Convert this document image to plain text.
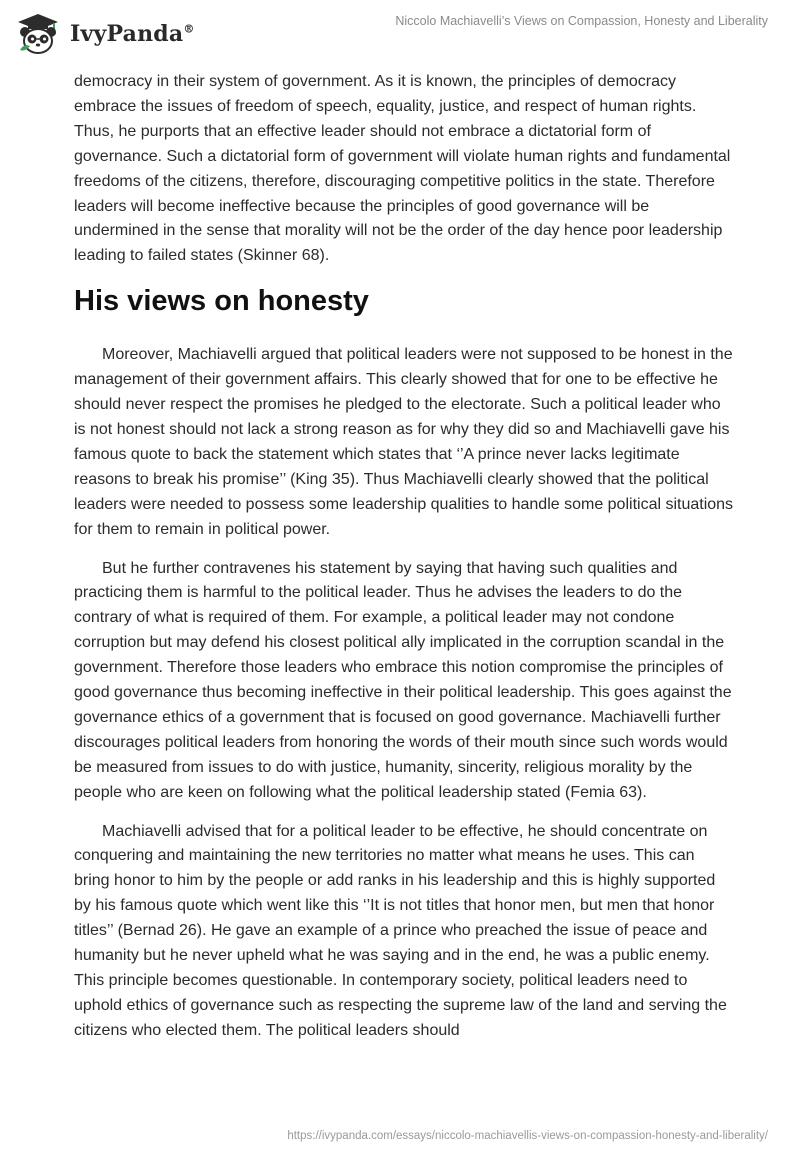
IvyPanda®
Niccolo Machiavelli’s Views on Compassion, Honesty and Liberality

democracy in their system of government. As it is known, the principles of democracy embrace the issues of freedom of speech, equality, justice, and respect of human rights. Thus, he purports that an effective leader should not embrace a dictatorial form of governance. Such a dictatorial form of government will violate human rights and fundamental freedoms of the citizens, therefore, discouraging competitive politics in the state. Therefore leaders will become ineffective because the principles of good governance will be undermined in the sense that morality will not be the order of the day hence poor leadership leading to failed states (Skinner 68).

His views on honesty

Moreover, Machiavelli argued that political leaders were not supposed to be honest in the management of their government affairs. This clearly showed that for one to be effective he should never respect the promises he pledged to the electorate. Such a political leader who is not honest should not lack a strong reason as for why they did so and Machiavelli gave his famous quote to back the statement which states that ‘’A prince never lacks legitimate reasons to break his promise’’ (King 35). Thus Machiavelli clearly showed that the political leaders were needed to possess some leadership qualities to handle some political situations for them to remain in political power.

But he further contravenes his statement by saying that having such qualities and practicing them is harmful to the political leader. Thus he advises the leaders to do the contrary of what is required of them. For example, a political leader may not condone corruption but may defend his closest political ally implicated in the corruption scandal in the government. Therefore those leaders who embrace this notion compromise the principles of good governance thus becoming ineffective in their political leadership. This goes against the governance ethics of a government that is focused on good governance. Machiavelli further discourages political leaders from honoring the words of their mouth since such words would be measured from issues to do with justice, humanity, sincerity, religious morality by the people who are keen on following what the political leadership stated (Femia 63).

Machiavelli advised that for a political leader to be effective, he should concentrate on conquering and maintaining the new territories no matter what means he uses. This can bring honor to him by the people or add ranks in his leadership and this is highly supported by his famous quote which went like this ‘’It is not titles that honor men, but men that honor titles’’ (Bernad 26). He gave an example of a prince who preached the issue of peace and humanity but he never upheld what he was saying and in the end, he was a public enemy. This principle becomes questionable. In contemporary society, political leaders need to uphold ethics of governance such as respecting the supreme law of the land and serving the citizens who elected them. The political leaders should

https://ivypanda.com/essays/niccolo-machiavellis-views-on-compassion-honesty-and-liberality/
